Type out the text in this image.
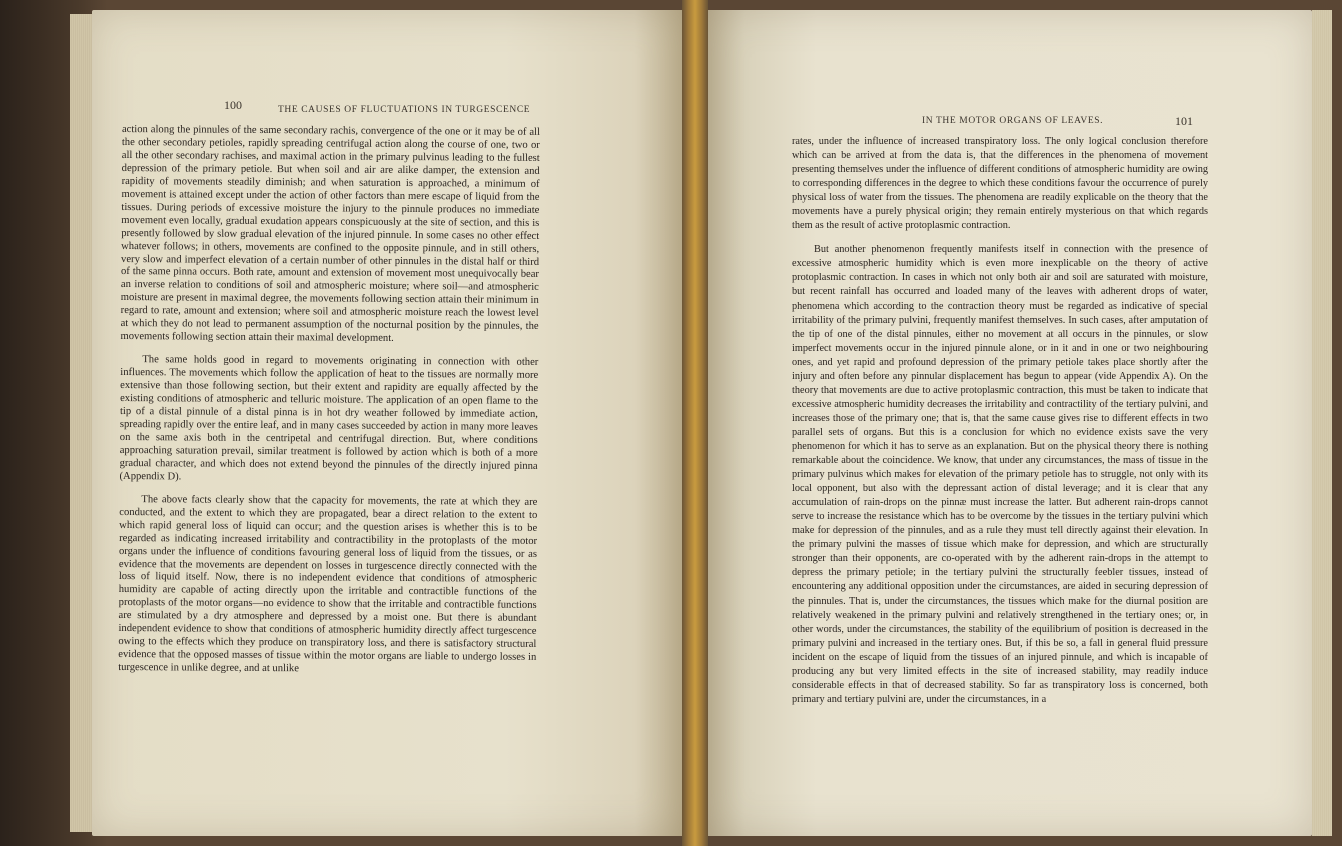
100	THE CAUSES OF FLUCTUATIONS IN TURGESCENCE

action along the pinnules of the same secondary rachis, convergence of the one or it may be of all the other secondary petioles, rapidly spreading centrifugal action along the course of one, two or all the other secondary rachises, and maximal action in the primary pulvinus leading to the fullest depression of the primary petiole. But when soil and air are alike damper, the extension and rapidity of movements steadily diminish; and when saturation is approached, a minimum of movement is attained except under the action of other factors than mere escape of liquid from the tissues. During periods of excessive moisture the injury to the pinnule produces no immediate movement even locally, gradual exudation appears conspicuously at the site of section, and this is presently followed by slow gradual elevation of the injured pinnule. In some cases no other effect whatever follows; in others, movements are confined to the opposite pinnule, and in still others, very slow and imperfect elevation of a certain number of other pinnules in the distal half or third of the same pinna occurs. Both rate, amount and extension of movement most unequivocally bear an inverse relation to conditions of soil and atmospheric moisture; where soil—and atmospheric moisture are present in maximal degree, the movements following section attain their minimum in regard to rate, amount and extension; where soil and atmospheric moisture reach the lowest level at which they do not lead to permanent assumption of the nocturnal position by the pinnules, the movements following section attain their maximal development.

The same holds good in regard to movements originating in connection with other influences. The movements which follow the application of heat to the tissues are normally more extensive than those following section, but their extent and rapidity are equally affected by the existing conditions of atmospheric and telluric moisture. The application of an open flame to the tip of a distal pinnule of a distal pinna is in hot dry weather followed by immediate action, spreading rapidly over the entire leaf, and in many cases succeeded by action in many more leaves on the same axis both in the centripetal and centrifugal direction. But, where conditions approaching saturation prevail, similar treatment is followed by action which is both of a more gradual character, and which does not extend beyond the pinnules of the directly injured pinna (Appendix D).

The above facts clearly show that the capacity for movements, the rate at which they are conducted, and the extent to which they are propagated, bear a direct relation to the extent to which rapid general loss of liquid can occur; and the question arises is whether this is to be regarded as indicating increased irritability and contractibility in the protoplasts of the motor organs under the influence of conditions favouring general loss of liquid from the tissues, or as evidence that the movements are dependent on losses in turgescence directly connected with the loss of liquid itself. Now, there is no independent evidence that conditions of atmospheric humidity are capable of acting directly upon the irritable and contractible functions of the protoplasts of the motor organs—no evidence to show that the irritable and contractible functions are stimulated by a dry atmosphere and depressed by a moist one. But there is abundant independent evidence to show that conditions of atmospheric humidity directly affect turgescence owing to the effects which they produce on transpiratory loss, and there is satisfactory structural evidence that the opposed masses of tissue within the motor organs are liable to undergo losses in turgescence in unlike degree, and at unlike

IN THE MOTOR ORGANS OF LEAVES.	101

rates, under the influence of increased transpiratory loss. The only logical conclusion therefore which can be arrived at from the data is, that the differences in the phenomena of movement presenting themselves under the influence of different conditions of atmospheric humidity are owing to corresponding differences in the degree to which these conditions favour the occurrence of purely physical loss of water from the tissues. The phenomena are readily explicable on the theory that the movements have a purely physical origin; they remain entirely mysterious on that which regards them as the result of active protoplasmic contraction.

But another phenomenon frequently manifests itself in connection with the presence of excessive atmospheric humidity which is even more inexplicable on the theory of active protoplasmic contraction. In cases in which not only both air and soil are saturated with moisture, but recent rainfall has occurred and loaded many of the leaves with adherent drops of water, phenomena which according to the contraction theory must be regarded as indicative of special irritability of the primary pulvini, frequently manifest themselves. In such cases, after amputation of the tip of one of the distal pinnules, either no movement at all occurs in the pinnules, or slow imperfect movements occur in the injured pinnule alone, or in it and in one or two neighbouring ones, and yet rapid and profound depression of the primary petiole takes place shortly after the injury and often before any pinnular displacement has begun to appear (vide Appendix A). On the theory that movements are due to active protoplasmic contraction, this must be taken to indicate that excessive atmospheric humidity decreases the irritability and contractility of the tertiary pulvini, and increases those of the primary one; that is, that the same cause gives rise to different effects in two parallel sets of organs. But this is a conclusion for which no evidence exists save the very phenomenon for which it has to serve as an explanation. But on the physical theory there is nothing remarkable about the coincidence. We know, that under any circumstances, the mass of tissue in the primary pulvinus which makes for elevation of the primary petiole has to struggle, not only with its local opponent, but also with the depressant action of distal leverage; and it is clear that any accumulation of rain-drops on the pinnæ must increase the latter. But adherent rain-drops cannot serve to increase the resistance which has to be overcome by the tissues in the tertiary pulvini which make for depression of the pinnules, and as a rule they must tell directly against their elevation. In the primary pulvini the masses of tissue which make for depression, and which are structurally stronger than their opponents, are co-operated with by the adherent rain-drops in the attempt to depress the primary petiole; in the tertiary pulvini the structurally feebler tissues, instead of encountering any additional opposition under the circumstances, are aided in securing depression of the pinnules. That is, under the circumstances, the tissues which make for the diurnal position are relatively weakened in the primary pulvini and relatively strengthened in the tertiary ones; or, in other words, under the circumstances, the stability of the equilibrium of position is decreased in the primary pulvini and increased in the tertiary ones. But, if this be so, a fall in general fluid pressure incident on the escape of liquid from the tissues of an injured pinnule, and which is incapable of producing any but very limited effects in the site of increased stability, may readily induce considerable effects in that of decreased stability. So far as transpiratory loss is concerned, both primary and tertiary pulvini are, under the circumstances, in a
